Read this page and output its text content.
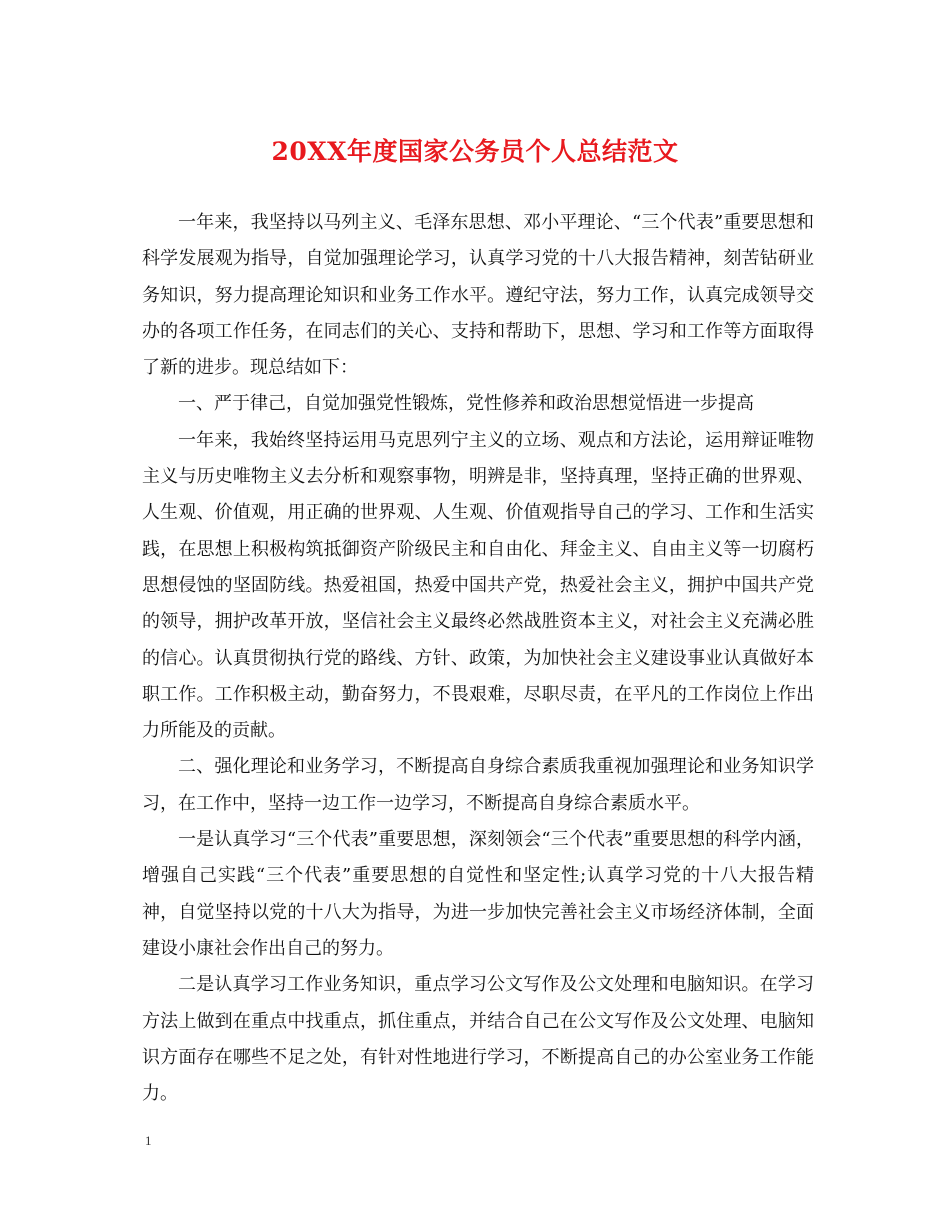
20XX年度国家公务员个人总结范文

一年来，我坚持以马列主义、毛泽东思想、邓小平理论、“三个代表”重要思想和科学发展观为指导，自觉加强理论学习，认真学习党的十八大报告精神，刻苦钻研业务知识，努力提高理论知识和业务工作水平。遵纪守法，努力工作，认真完成领导交办的各项工作任务，在同志们的关心、支持和帮助下，思想、学习和工作等方面取得了新的进步。现总结如下：

一、严于律己，自觉加强党性锻炼，党性修养和政治思想觉悟进一步提高

一年来，我始终坚持运用马克思列宁主义的立场、观点和方法论，运用辩证唯物主义与历史唯物主义去分析和观察事物，明辨是非，坚持真理，坚持正确的世界观、人生观、价值观，用正确的世界观、人生观、价值观指导自己的学习、工作和生活实践，在思想上积极构筑抵御资产阶级民主和自由化、拜金主义、自由主义等一切腐朽思想侵蚀的坚固防线。热爱祖国，热爱中国共产党，热爱社会主义，拥护中国共产党的领导，拥护改革开放，坚信社会主义最终必然战胜资本主义，对社会主义充满必胜的信心。认真贯彻执行党的路线、方针、政策，为加快社会主义建设事业认真做好本职工作。工作积极主动，勤奋努力，不畏艰难，尽职尽责，在平凡的工作岗位上作出力所能及的贡献。

二、强化理论和业务学习，不断提高自身综合素质我重视加强理论和业务知识学习，在工作中，坚持一边工作一边学习，不断提高自身综合素质水平。

一是认真学习“三个代表”重要思想，深刻领会“三个代表”重要思想的科学内涵，增强自己实践“三个代表”重要思想的自觉性和坚定性;认真学习党的十八大报告精神，自觉坚持以党的十八大为指导，为进一步加快完善社会主义市场经济体制，全面建设小康社会作出自己的努力。

二是认真学习工作业务知识，重点学习公文写作及公文处理和电脑知识。在学习方法上做到在重点中找重点，抓住重点，并结合自己在公文写作及公文处理、电脑知识方面存在哪些不足之处，有针对性地进行学习，不断提高自己的办公室业务工作能力。

1
